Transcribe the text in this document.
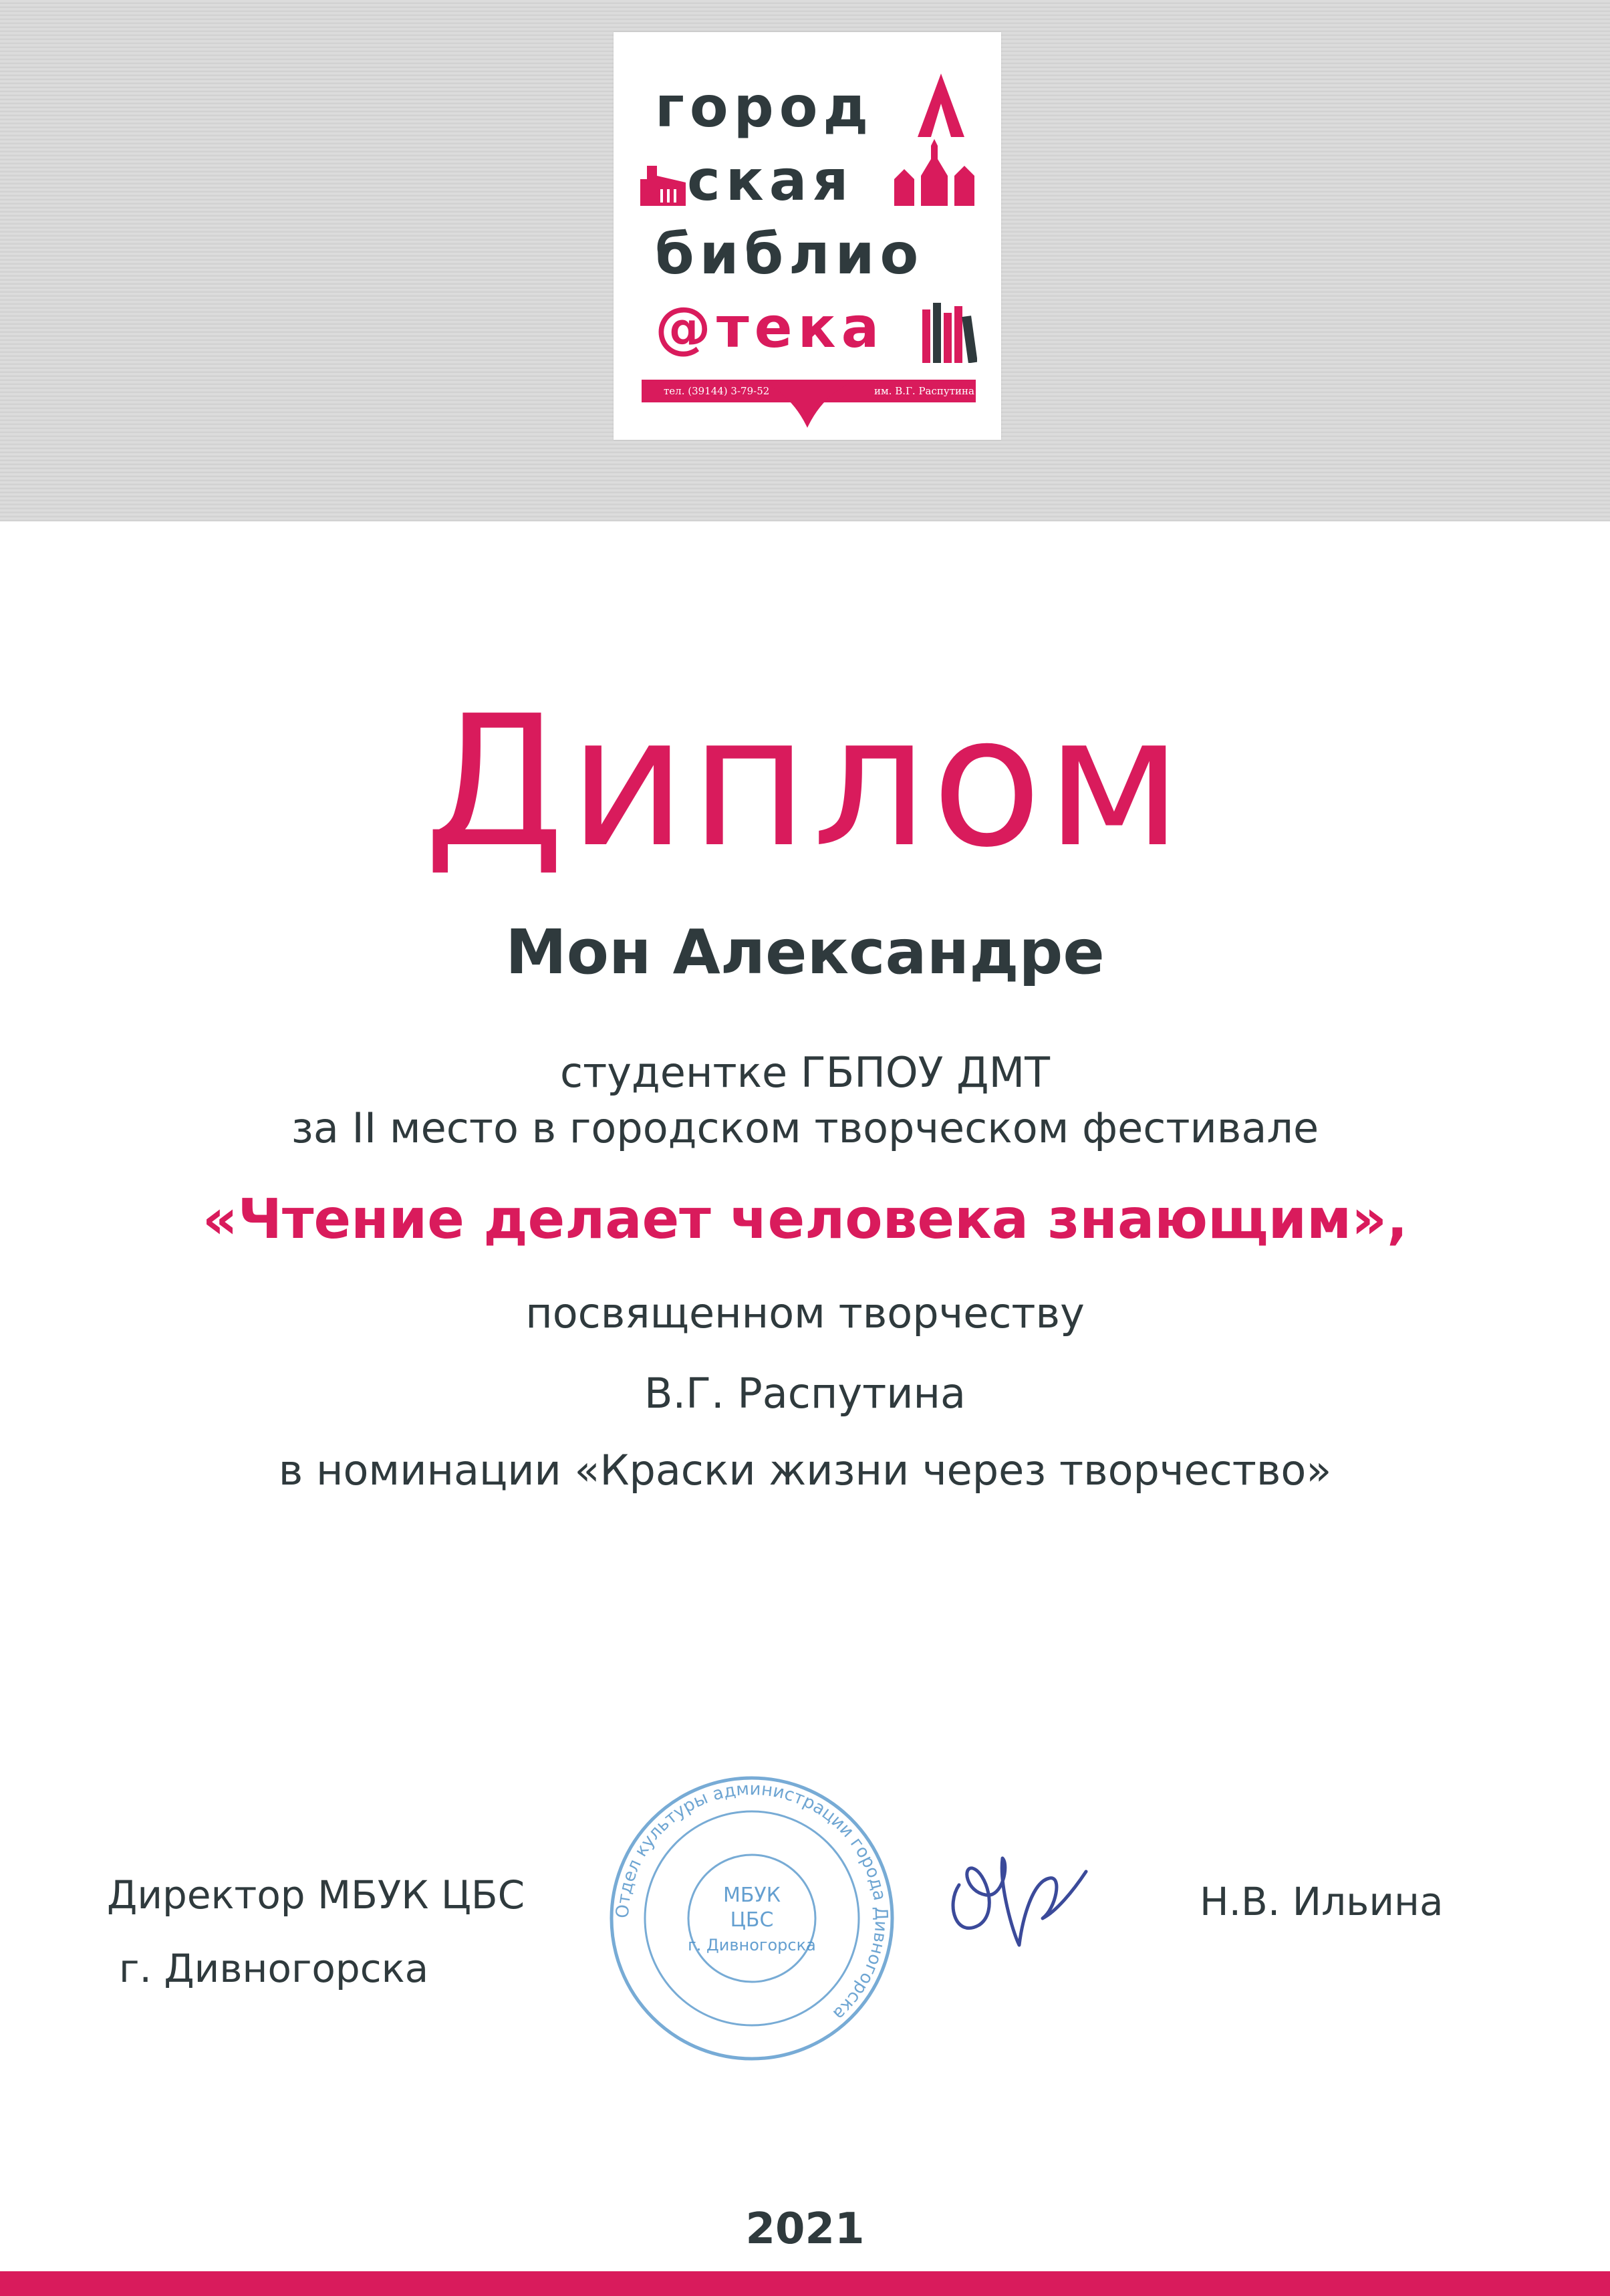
город
ская
библио
@тека
тел. (39144) 3-79-52	им. В.Г. Распутина
Диплом
Мон Александре
студентке ГБПОУ ДМТ
за II место в городском творческом фестивале
«Чтение делает человека знающим»,
посвященном творчеству
В.Г. Распутина
в номинации «Краски жизни через творчество»
Директор МБУК ЦБС
г. Дивногорска
Н.В. Ильина
Отдел культуры администрации города Дивногорска
МБУК
ЦБС
г. Дивногорска
2021
